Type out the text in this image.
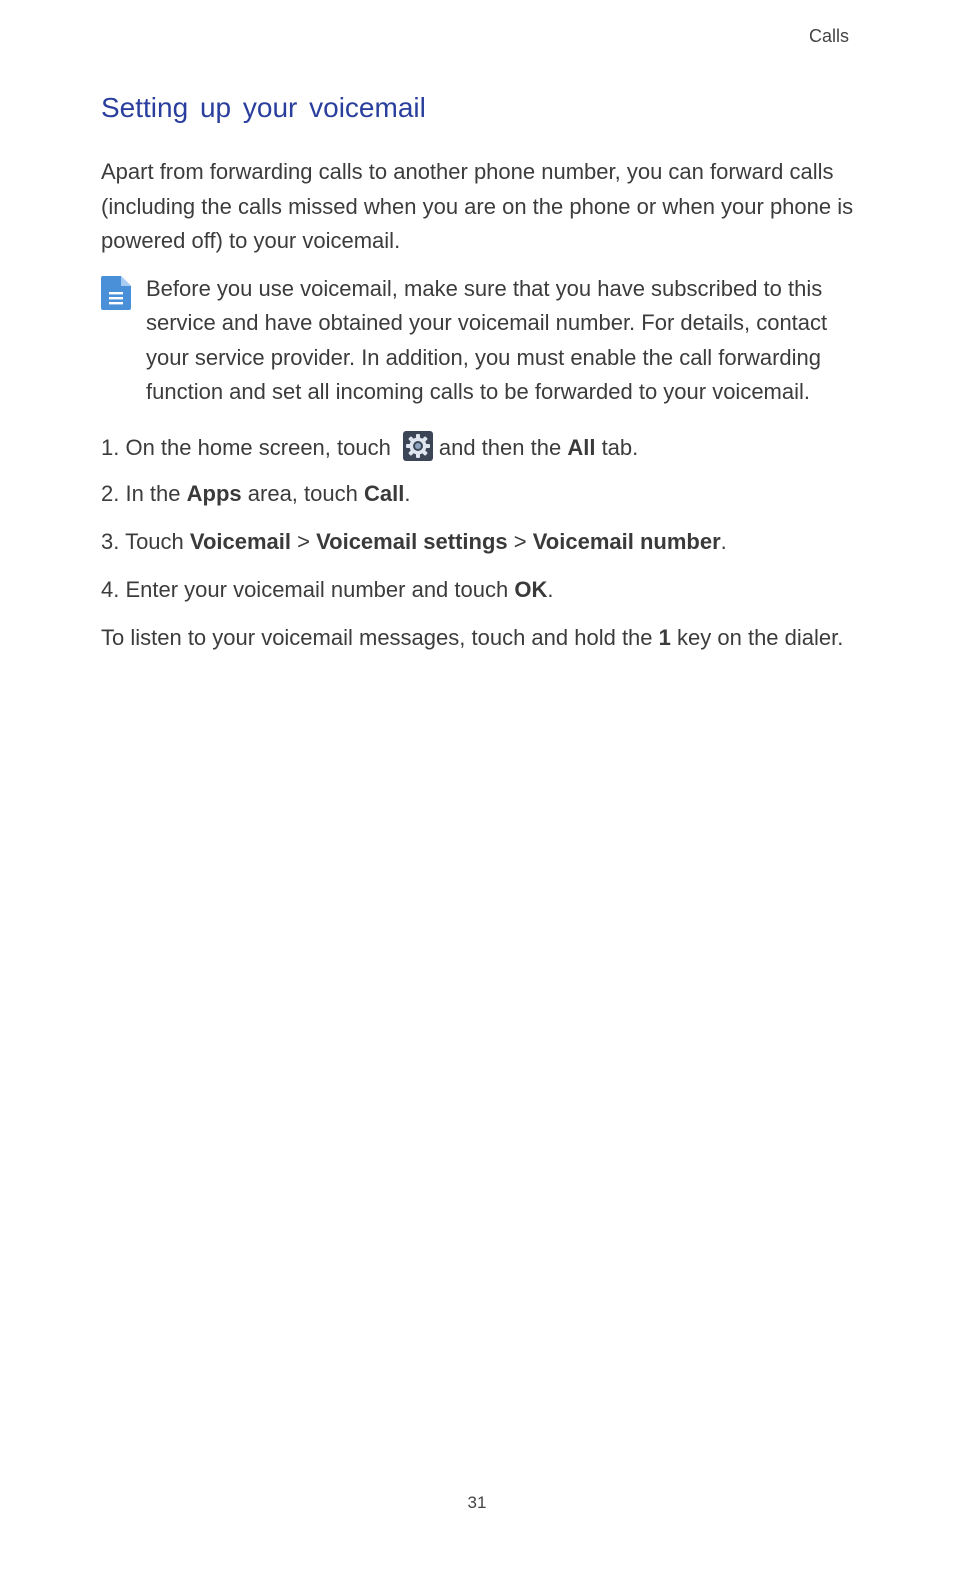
Calls
Setting up your voicemail

Apart from forwarding calls to another phone number, you can forward calls (including the calls missed when you are on the phone or when your phone is powered off) to your voicemail.

Before you use voicemail, make sure that you have subscribed to this service and have obtained your voicemail number. For details, contact your service provider. In addition, you must enable the call forwarding function and set all incoming calls to be forwarded to your voicemail.

1. On the home screen, touch and then the All tab.

2. In the Apps area, touch Call.

3. Touch Voicemail > Voicemail settings > Voicemail number.

4. Enter your voicemail number and touch OK.

To listen to your voicemail messages, touch and hold the 1 key on the dialer.

31
